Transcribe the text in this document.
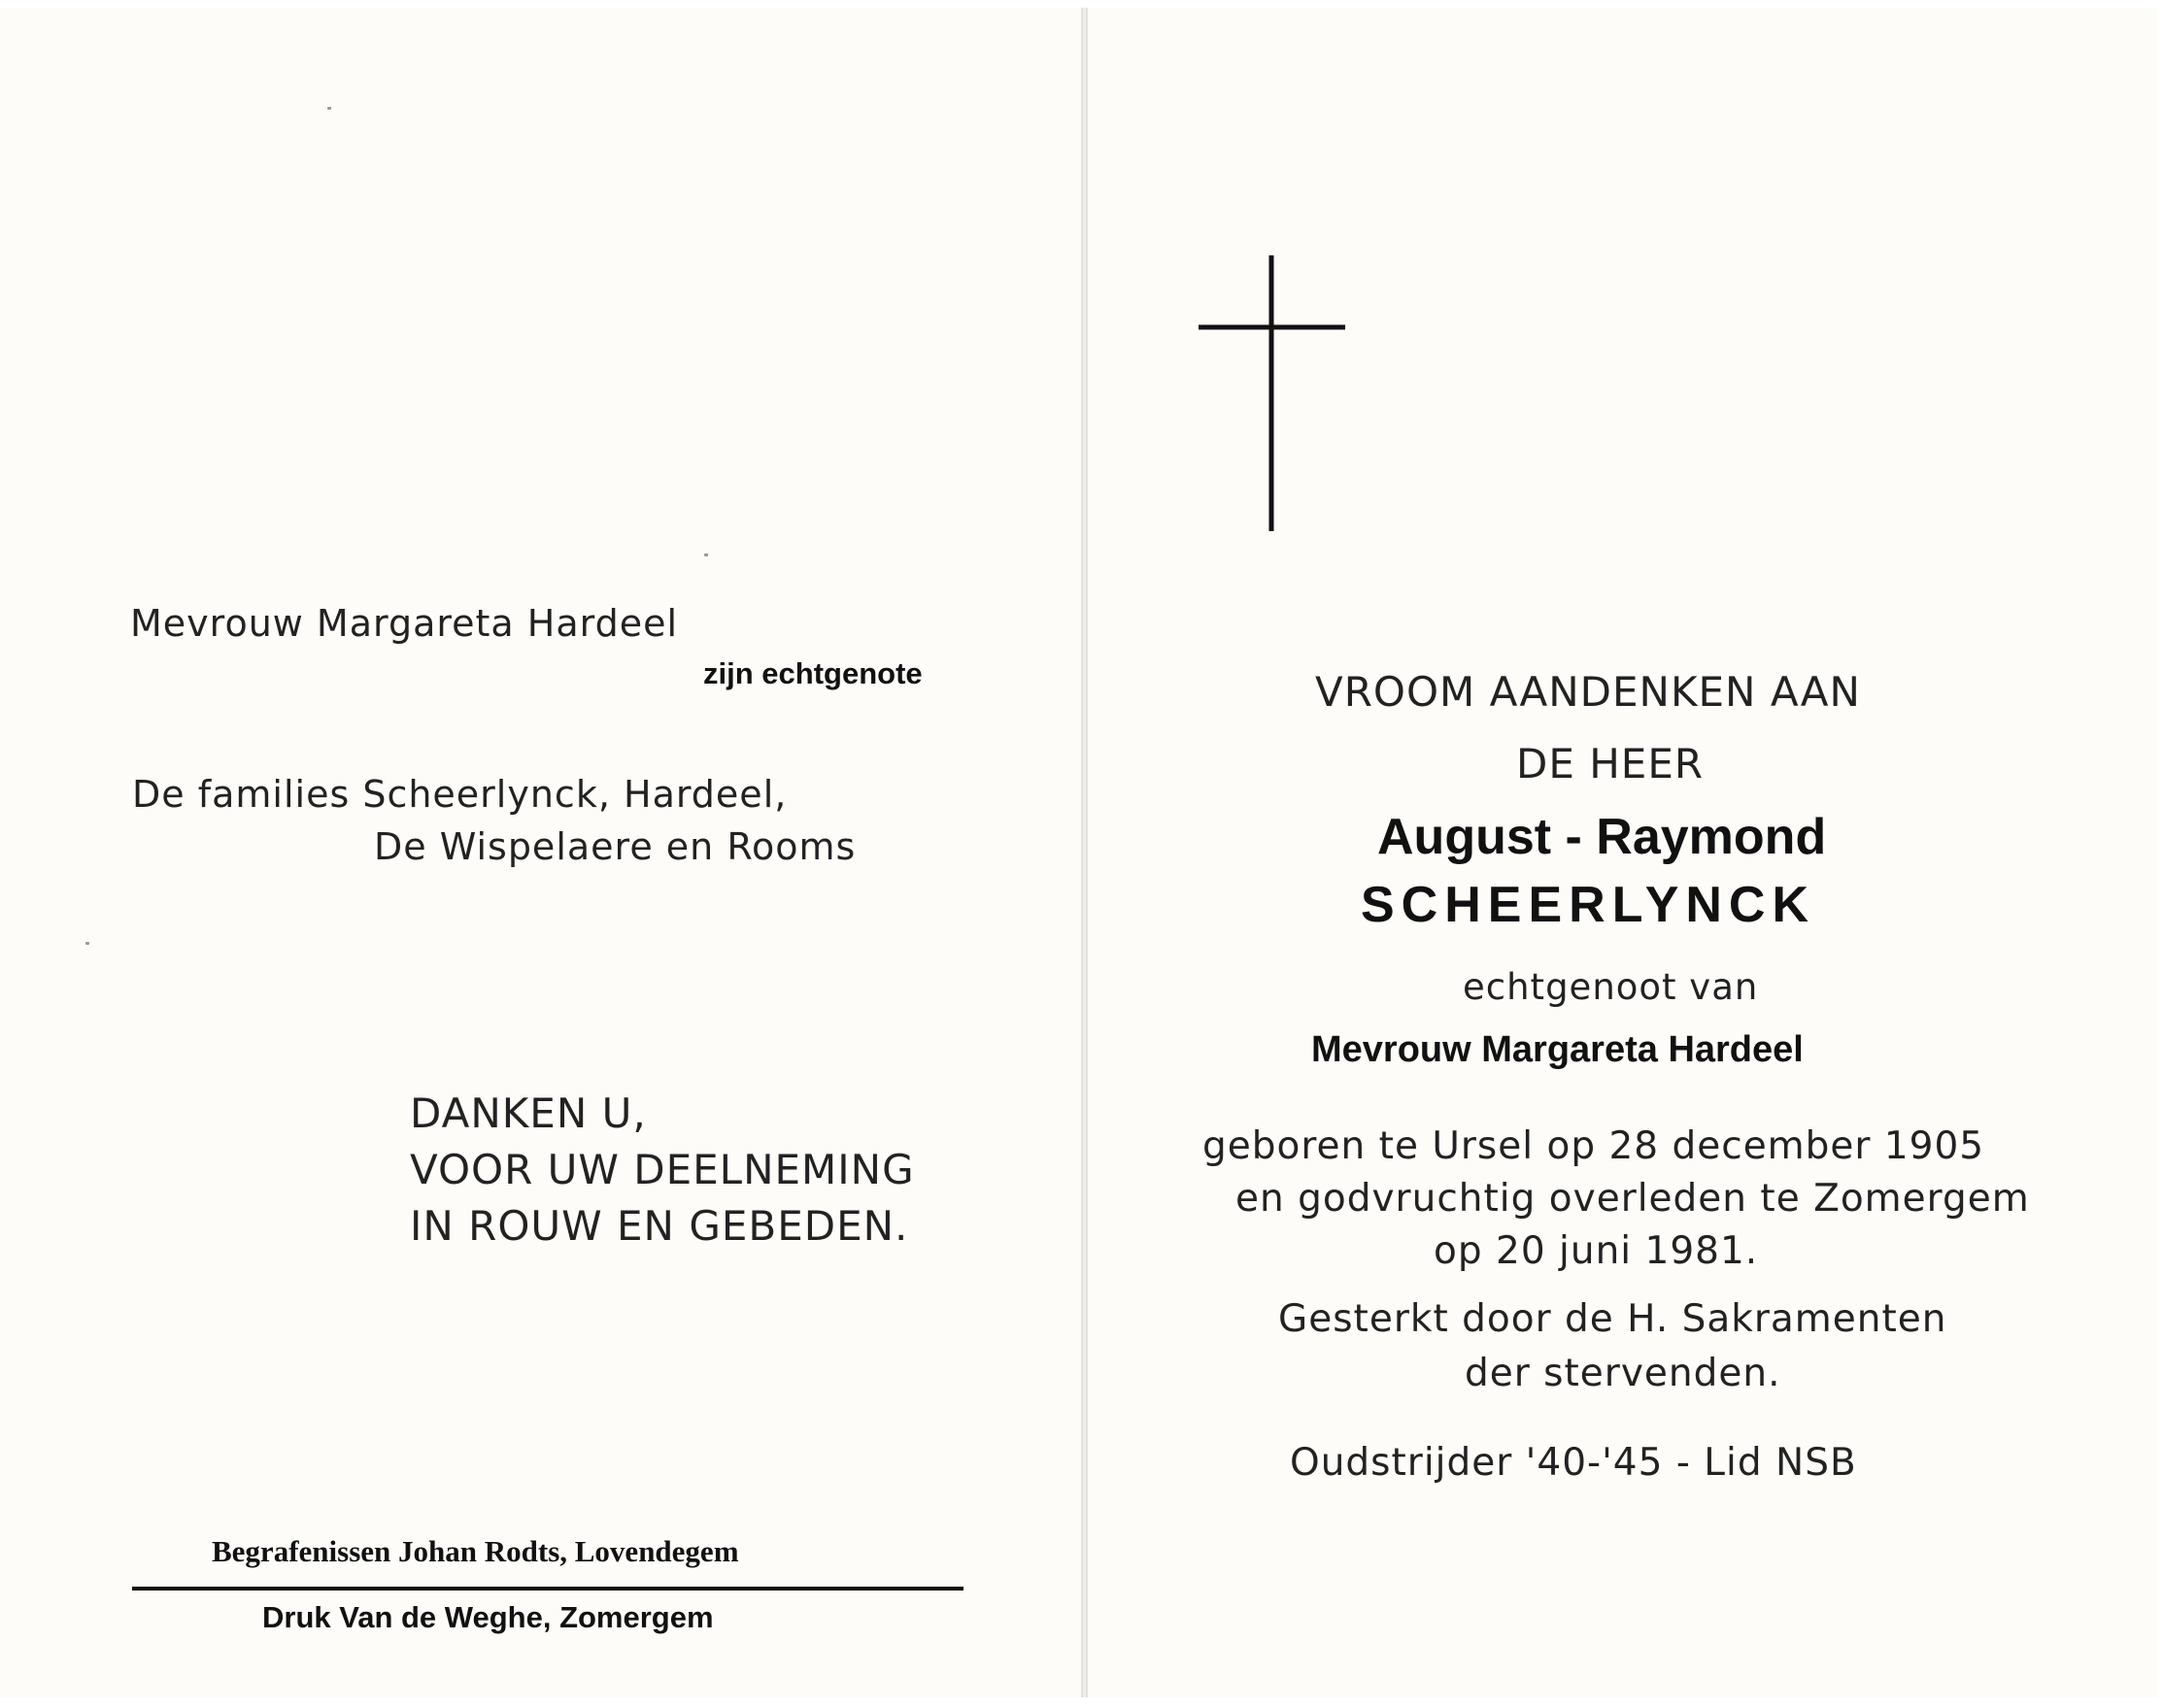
Mevrouw Margareta Hardeel
zijn echtgenote
De families Scheerlynck, Hardeel,
De Wispelaere en Rooms
DANKEN U,
VOOR UW DEELNEMING
IN ROUW EN GEBEDEN.
Begrafenissen Johan Rodts, Lovendegem
Druk Van de Weghe, Zomergem
VROOM AANDENKEN AAN
DE HEER
August - Raymond
SCHEERLYNCK
echtgenoot van
Mevrouw Margareta Hardeel
geboren te Ursel op 28 december 1905
en godvruchtig overleden te Zomergem
op 20 juni 1981.
Gesterkt door de H. Sakramenten
der stervenden.
Oudstrijder '40-'45 - Lid NSB
